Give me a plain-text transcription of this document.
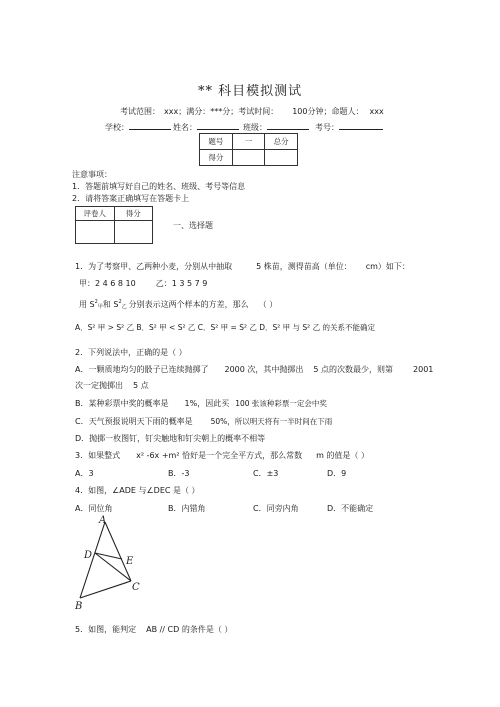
** 科目模拟测试
考试范围： xxx；满分：***分；考试时间： 100分钟；命题人： xxx
学校：	姓名：	班级：	考号：
题号	一	总分
得分		
注意事项：
1．答题前填写好自己的姓名、班级、考号等信息
2．请将答案正确填写在答题卡上
评卷人	得分

一、选择题
1．为了考察甲、乙两种小麦，分别从中抽取	5 株苗，测得苗高（单位： cm）如下：
甲：2 4 6 8 10	乙：1 3 5 7 9
用 $S^2_甲$和 $S^2_乙$ 分别表示这两个样本的方差，那么 （ ）
A．S² 甲 > S² 乙 B．S² 甲 < S² 乙 C．S² 甲 = S² 乙 D．S² 甲 与 S² 乙 的关系不能确定
2．下列说法中，正确的是（ ）
A．一颗质地均匀的骰子已连续抛掷了 2000 次，其中抛掷出 5 点的次数最少，则第	2001
次一定抛掷出 5 点
B．某种彩票中奖的概率是 1%，因此买 100 张该种彩票一定会中奖
C．天气预报说明天下雨的概率是 50%，所以明天将有一半时间在下雨
D．抛掷一枚图钉，钉尖触地和钉尖朝上的概率不相等
3．如果整式 x² -6x +m² 恰好是一个完全平方式，那么常数 m 的值是（ ）
A．3	B．-3	C．±3	D．9
4．如图，∠ADE 与∠DEC 是（ ）
A．同位角	B．内错角	C．同旁内角	D．不能确定
A
D
E
C
B
5．如图，能判定 AB // CD 的条件是（ ）
